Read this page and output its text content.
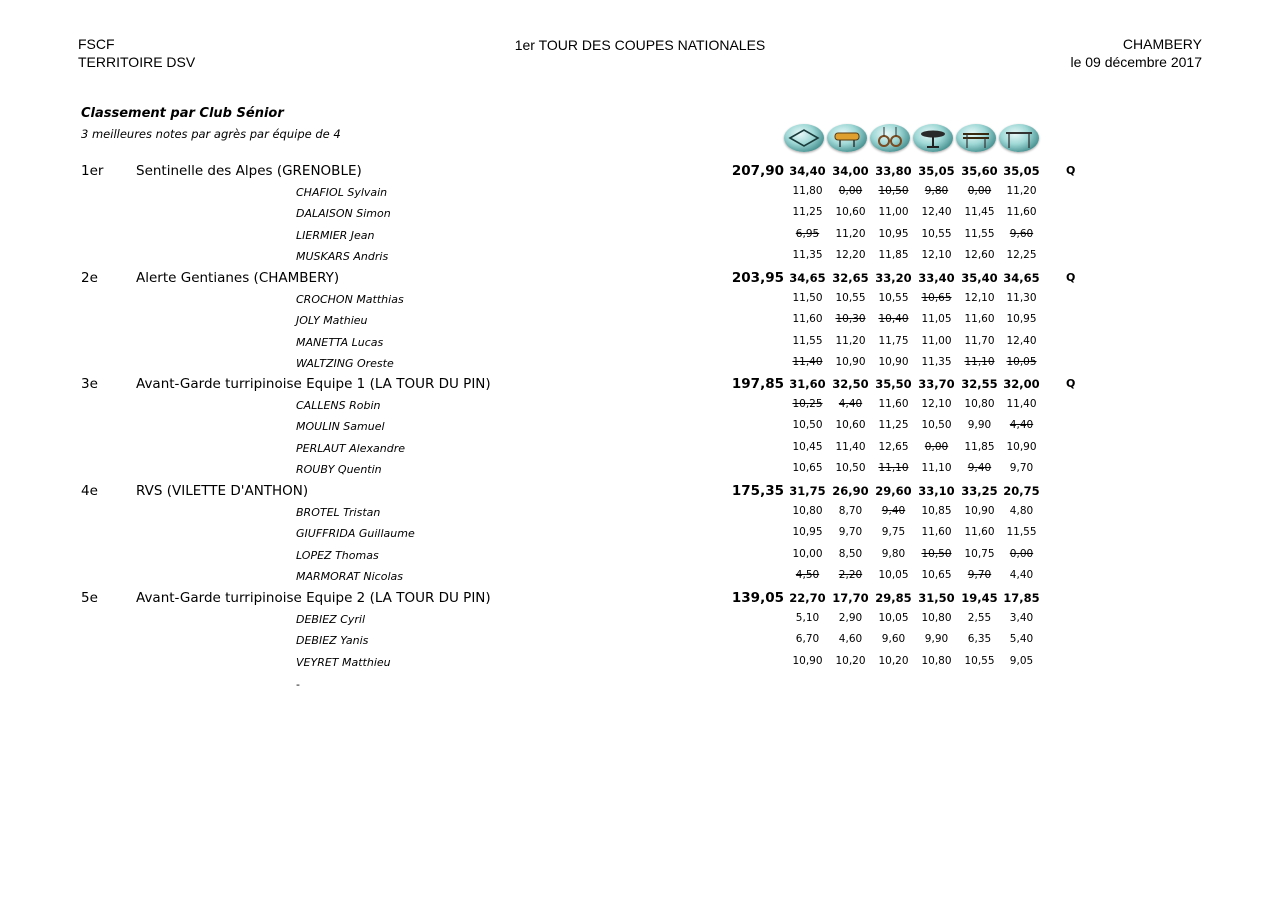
FSCF
TERRITOIRE DSV
1er TOUR DES COUPES NATIONALES	CHAMBERY
le 09 décembre 2017
Classement par Club Sénior
3 meilleures notes par agrès par équipe de 4
1er Sentinelle des Alpes (GRENOBLE)	207,90 34,40 34,00 33,80 35,05 35,60 35,05	Q
CHAFIOL Sylvain	11,80	0,00	10,50	9,80	0,00	11,20
DALAISON Simon	11,25	10,60	11,00	12,40	11,45	11,60
LIERMIER Jean	6,95	11,20	10,95	10,55	11,55	9,60
MUSKARS Andris	11,35	12,20	11,85	12,10	12,60	12,25
2e	Alerte Gentianes (CHAMBERY)	203,95 34,65 32,65 33,20 33,40 35,40 34,65	Q
CROCHON Matthias	11,50	10,55	10,55	10,65	12,10	11,30
JOLY Mathieu	11,60	10,30	10,40	11,05	11,60	10,95
MANETTA Lucas	11,55	11,20	11,75	11,00	11,70	12,40
WALTZING Oreste	11,40	10,90	10,90	11,35	11,10	10,05
3e	Avant-Garde turripinoise Equipe 1 (LA TOUR DU PIN)	197,85 31,60 32,50 35,50 33,70 32,55 32,00	Q
CALLENS Robin	10,25	4,40	11,60	12,10	10,80	11,40
MOULIN Samuel	10,50	10,60	11,25	10,50	9,90	4,40
PERLAUT Alexandre	10,45	11,40	12,65	0,00	11,85	10,90
ROUBY Quentin	10,65	10,50	11,10	11,10	9,40	9,70
4e	RVS (VILETTE D'ANTHON)	175,35 31,75 26,90 29,60 33,10 33,25 20,75
BROTEL Tristan	10,80	8,70	9,40	10,85	10,90	4,80
GIUFFRIDA Guillaume	10,95	9,70	9,75	11,60	11,60	11,55
LOPEZ Thomas	10,00	8,50	9,80	10,50	10,75	0,00
MARMORAT Nicolas	4,50	2,20	10,05	10,65	9,70	4,40
5e	Avant-Garde turripinoise Equipe 2 (LA TOUR DU PIN)	139,05 22,70 17,70 29,85 31,50 19,45 17,85
DEBIEZ Cyril	5,10	2,90	10,05	10,80	2,55	3,40
DEBIEZ Yanis	6,70	4,60	9,60	9,90	6,35	5,40
VEYRET Matthieu	10,90	10,20	10,20	10,80	10,55	9,05
-
